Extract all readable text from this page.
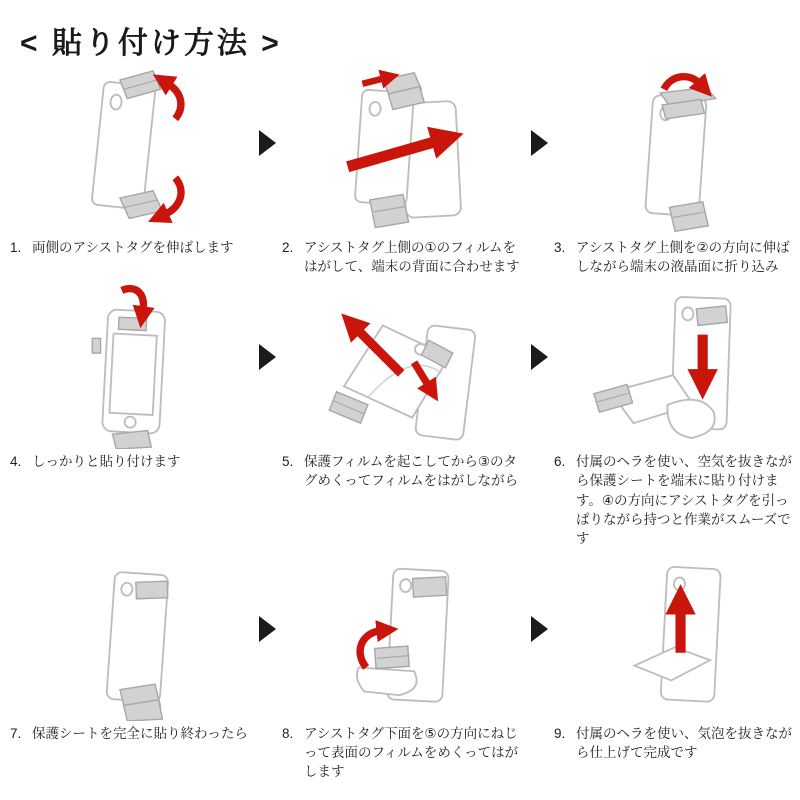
< 貼り付け方法 >
1. 両側のアシストタグを伸ばします	2. アシストタグ上側の①のフィルムをはがして、端末の背面に合わせます
3. アシストタグ上側を②の方向に伸ばしながら端末の液晶面に折り込み
4. しっかりと貼り付けます	5. 保護フィルムを起こしてから③のタグめくってフィルムをはがしながら
6. 付属のヘラを使い、空気を抜きながら保護シートを端末に貼り付けます。④の方向にアシストタグを引っぱりながら持つと作業がスムーズです
7. 保護シートを完全に貼り終わったら	8. アシストタグ下面を⑤の方向にねじって表面のフィルムをめくってはがします
9. 付属のヘラを使い、気泡を抜きながら仕上げて完成です
